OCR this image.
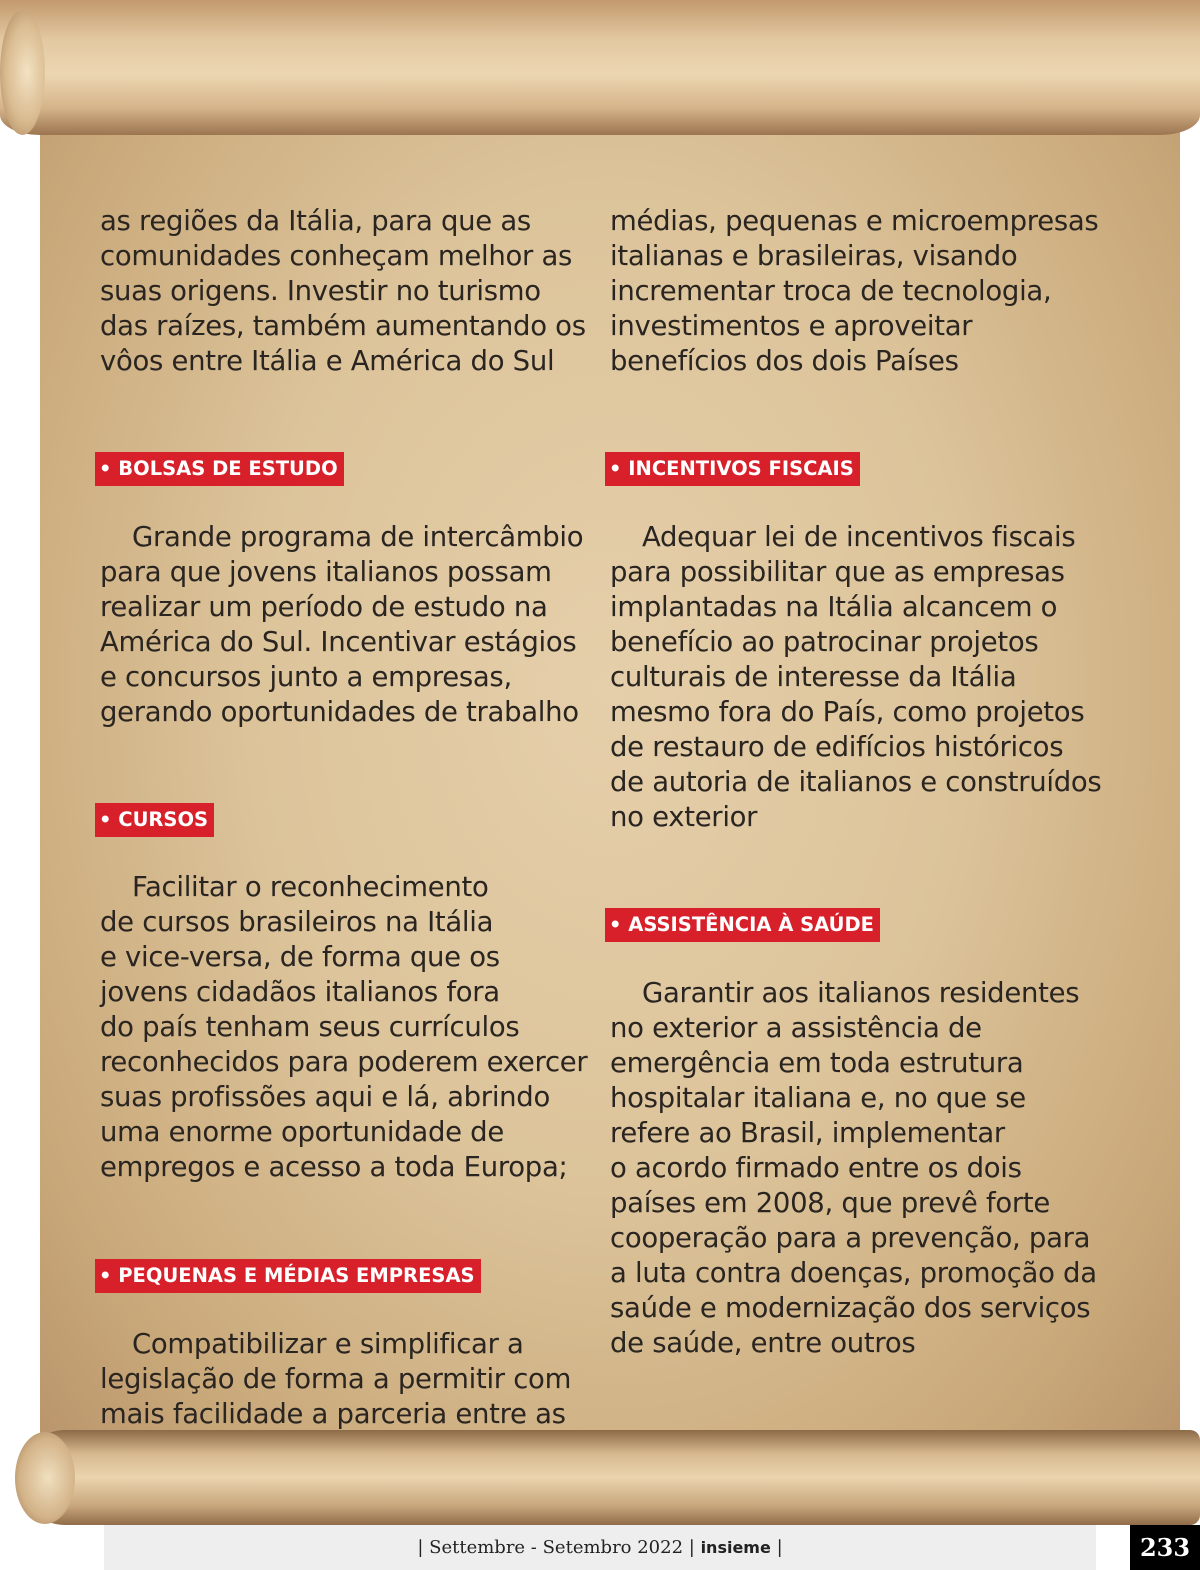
as regiões da Itália, para que as
comunidades conheçam melhor as
suas origens. Investir no turismo
das raízes, também aumentando os
vôos entre Itália e América do Sul
• BOLSAS DE ESTUDO
Grande programa de intercâmbio
para que jovens italianos possam
realizar um período de estudo na
América do Sul. Incentivar estágios
e concursos junto a empresas,
gerando oportunidades de trabalho
• CURSOS
Facilitar o reconhecimento
de cursos brasileiros na Itália
e vice-versa, de forma que os
jovens cidadãos italianos fora
do país tenham seus currículos
reconhecidos para poderem exercer
suas profissões aqui e lá, abrindo
uma enorme oportunidade de
empregos e acesso a toda Europa;
• PEQUENAS E MÉDIAS EMPRESAS
Compatibilizar e simplificar a
legislação de forma a permitir com
mais facilidade a parceria entre as
médias, pequenas e microempresas
italianas e brasileiras, visando
incrementar troca de tecnologia,
investimentos e aproveitar
benefícios dos dois Países
• INCENTIVOS FISCAIS
Adequar lei de incentivos fiscais
para possibilitar que as empresas
implantadas na Itália alcancem o
benefício ao patrocinar projetos
culturais de interesse da Itália
mesmo fora do País, como projetos
de restauro de edifícios históricos
de autoria de italianos e construídos
no exterior
• ASSISTÊNCIA À SAÚDE
Garantir aos italianos residentes
no exterior a assistência de
emergência em toda estrutura
hospitalar italiana e, no que se
refere ao Brasil, implementar
o acordo firmado entre os dois
países em 2008, que prevê forte
cooperação para a prevenção, para
a luta contra doenças, promoção da
saúde e modernização dos serviços
de saúde, entre outros
| Settembre - Setembro 2022 | insieme |	233
